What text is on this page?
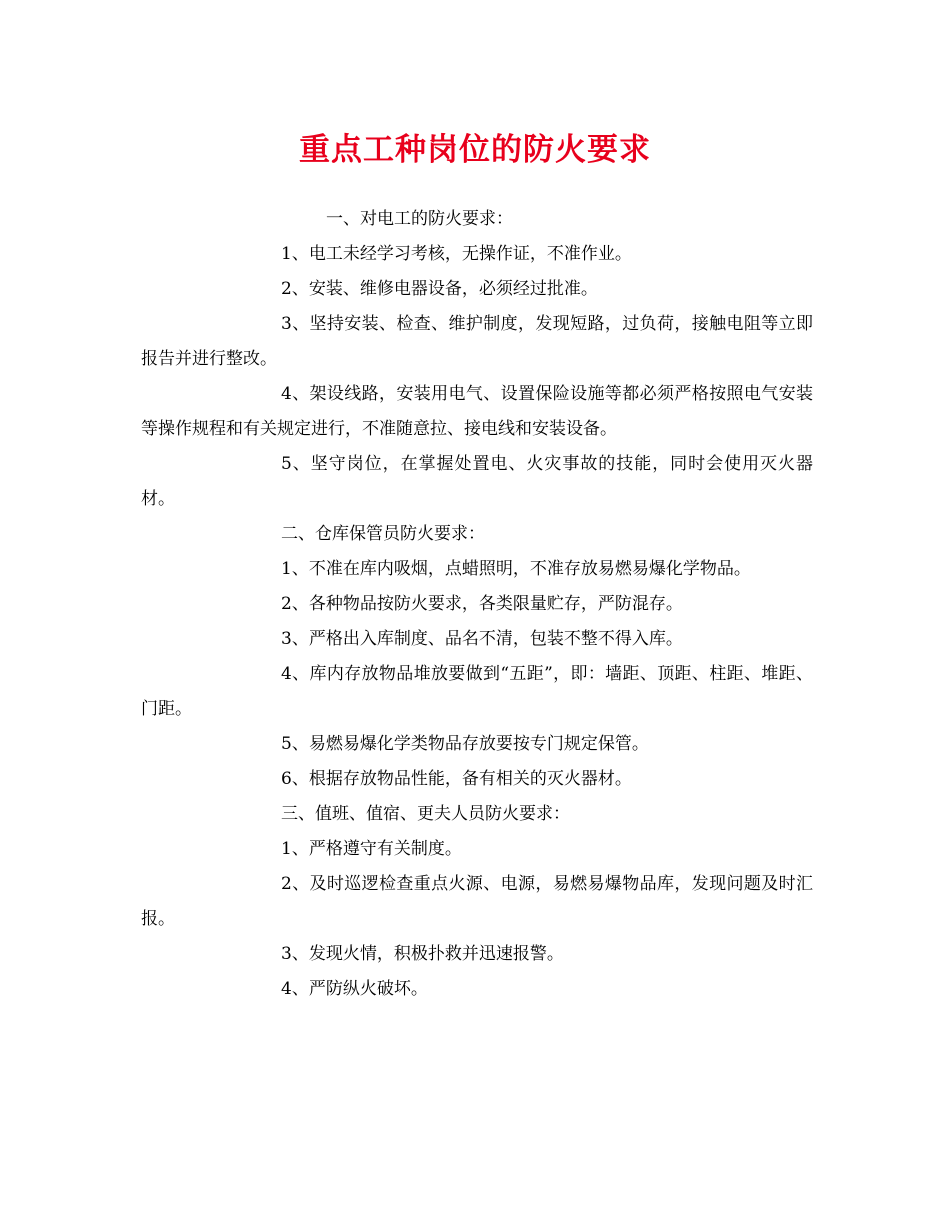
重点工种岗位的防火要求

一、对电工的防火要求：

1、电工未经学习考核，无操作证，不准作业。

2、安装、维修电器设备，必须经过批准。

3、坚持安装、检查、维护制度，发现短路，过负荷，接触电阻等立即报告并进行整改。

4、架设线路，安装用电气、设置保险设施等都必须严格按照电气安装等操作规程和有关规定进行，不准随意拉、接电线和安装设备。

5、坚守岗位，在掌握处置电、火灾事故的技能，同时会使用灭火器材。

二、仓库保管员防火要求：

1、不准在库内吸烟，点蜡照明，不准存放易燃易爆化学物品。

2、各种物品按防火要求，各类限量贮存，严防混存。

3、严格出入库制度、品名不清，包装不整不得入库。

4、库内存放物品堆放要做到“五距”，即：墙距、顶距、柱距、堆距、门距。

5、易燃易爆化学类物品存放要按专门规定保管。

6、根据存放物品性能，备有相关的灭火器材。

三、值班、值宿、更夫人员防火要求：

1、严格遵守有关制度。

2、及时巡逻检查重点火源、电源，易燃易爆物品库，发现问题及时汇报。

3、发现火情，积极扑救并迅速报警。

4、严防纵火破坏。
